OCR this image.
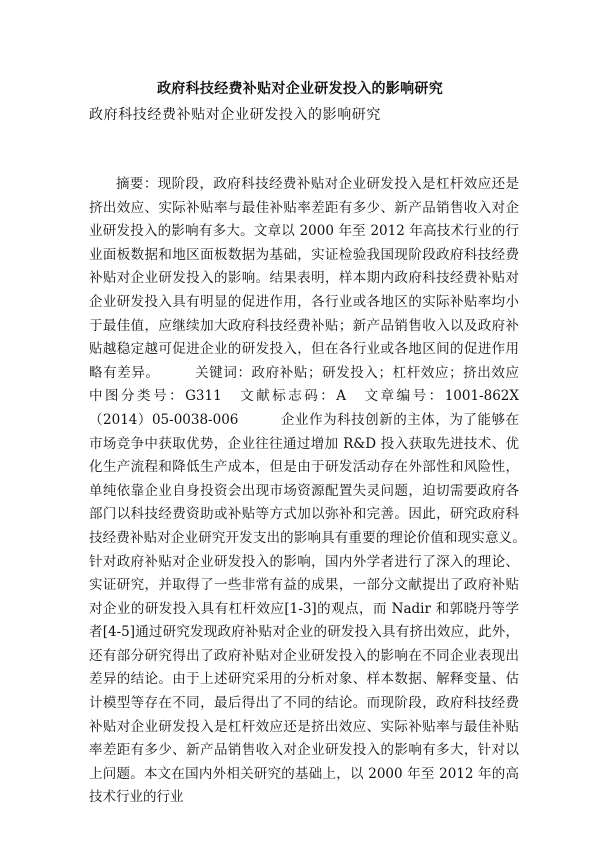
政府科技经费补贴对企业研发投入的影响研究
政府科技经费补贴对企业研发投入的影响研究

摘要：现阶段，政府科技经费补贴对企业研发投入是杠杆效应还是挤出效应、实际补贴率与最佳补贴率差距有多少、新产品销售收入对企业研发投入的影响有多大。文章以 2000 年至 2012 年高技术行业的行业面板数据和地区面板数据为基础，实证检验我国现阶段政府科技经费补贴对企业研发投入的影响。结果表明，样本期内政府科技经费补贴对企业研发投入具有明显的促进作用，各行业或各地区的实际补贴率均小于最佳值，应继续加大政府科技经费补贴；新产品销售收入以及政府补贴越稳定越可促进企业的研发投入，但在各行业或各地区间的促进作用略有差异。　　　关键词：政府补贴；研发投入；杠杆效应；挤出效应　　　中图分类号：G311　文献标志码：A　文章编号：1001-862X（2014）05-0038-006　　　企业作为科技创新的主体，为了能够在市场竞争中获取优势，企业往往通过增加 R&D 投入获取先进技术、优化生产流程和降低生产成本，但是由于研发活动存在外部性和风险性，单纯依靠企业自身投资会出现市场资源配置失灵问题，迫切需要政府各部门以科技经费资助或补贴等方式加以弥补和完善。因此，研究政府科技经费补贴对企业研究开发支出的影响具有重要的理论价值和现实意义。　　　针对政府补贴对企业研发投入的影响，国内外学者进行了深入的理论、实证研究，并取得了一些非常有益的成果，一部分文献提出了政府补贴对企业的研发投入具有杠杆效应[1-3]的观点，而 Nadir 和郭晓丹等学者[4-5]通过研究发现政府补贴对企业的研发投入具有挤出效应，此外，还有部分研究得出了政府补贴对企业研发投入的影响在不同企业表现出差异的结论。由于上述研究采用的分析对象、样本数据、解释变量、估计模型等存在不同，最后得出了不同的结论。而现阶段，政府科技经费补贴对企业研发投入是杠杆效应还是挤出效应、实际补贴率与最佳补贴率差距有多少、新产品销售收入对企业研发投入的影响有多大，针对以上问题。本文在国内外相关研究的基础上，以 2000 年至 2012 年的高技术行业的行业
